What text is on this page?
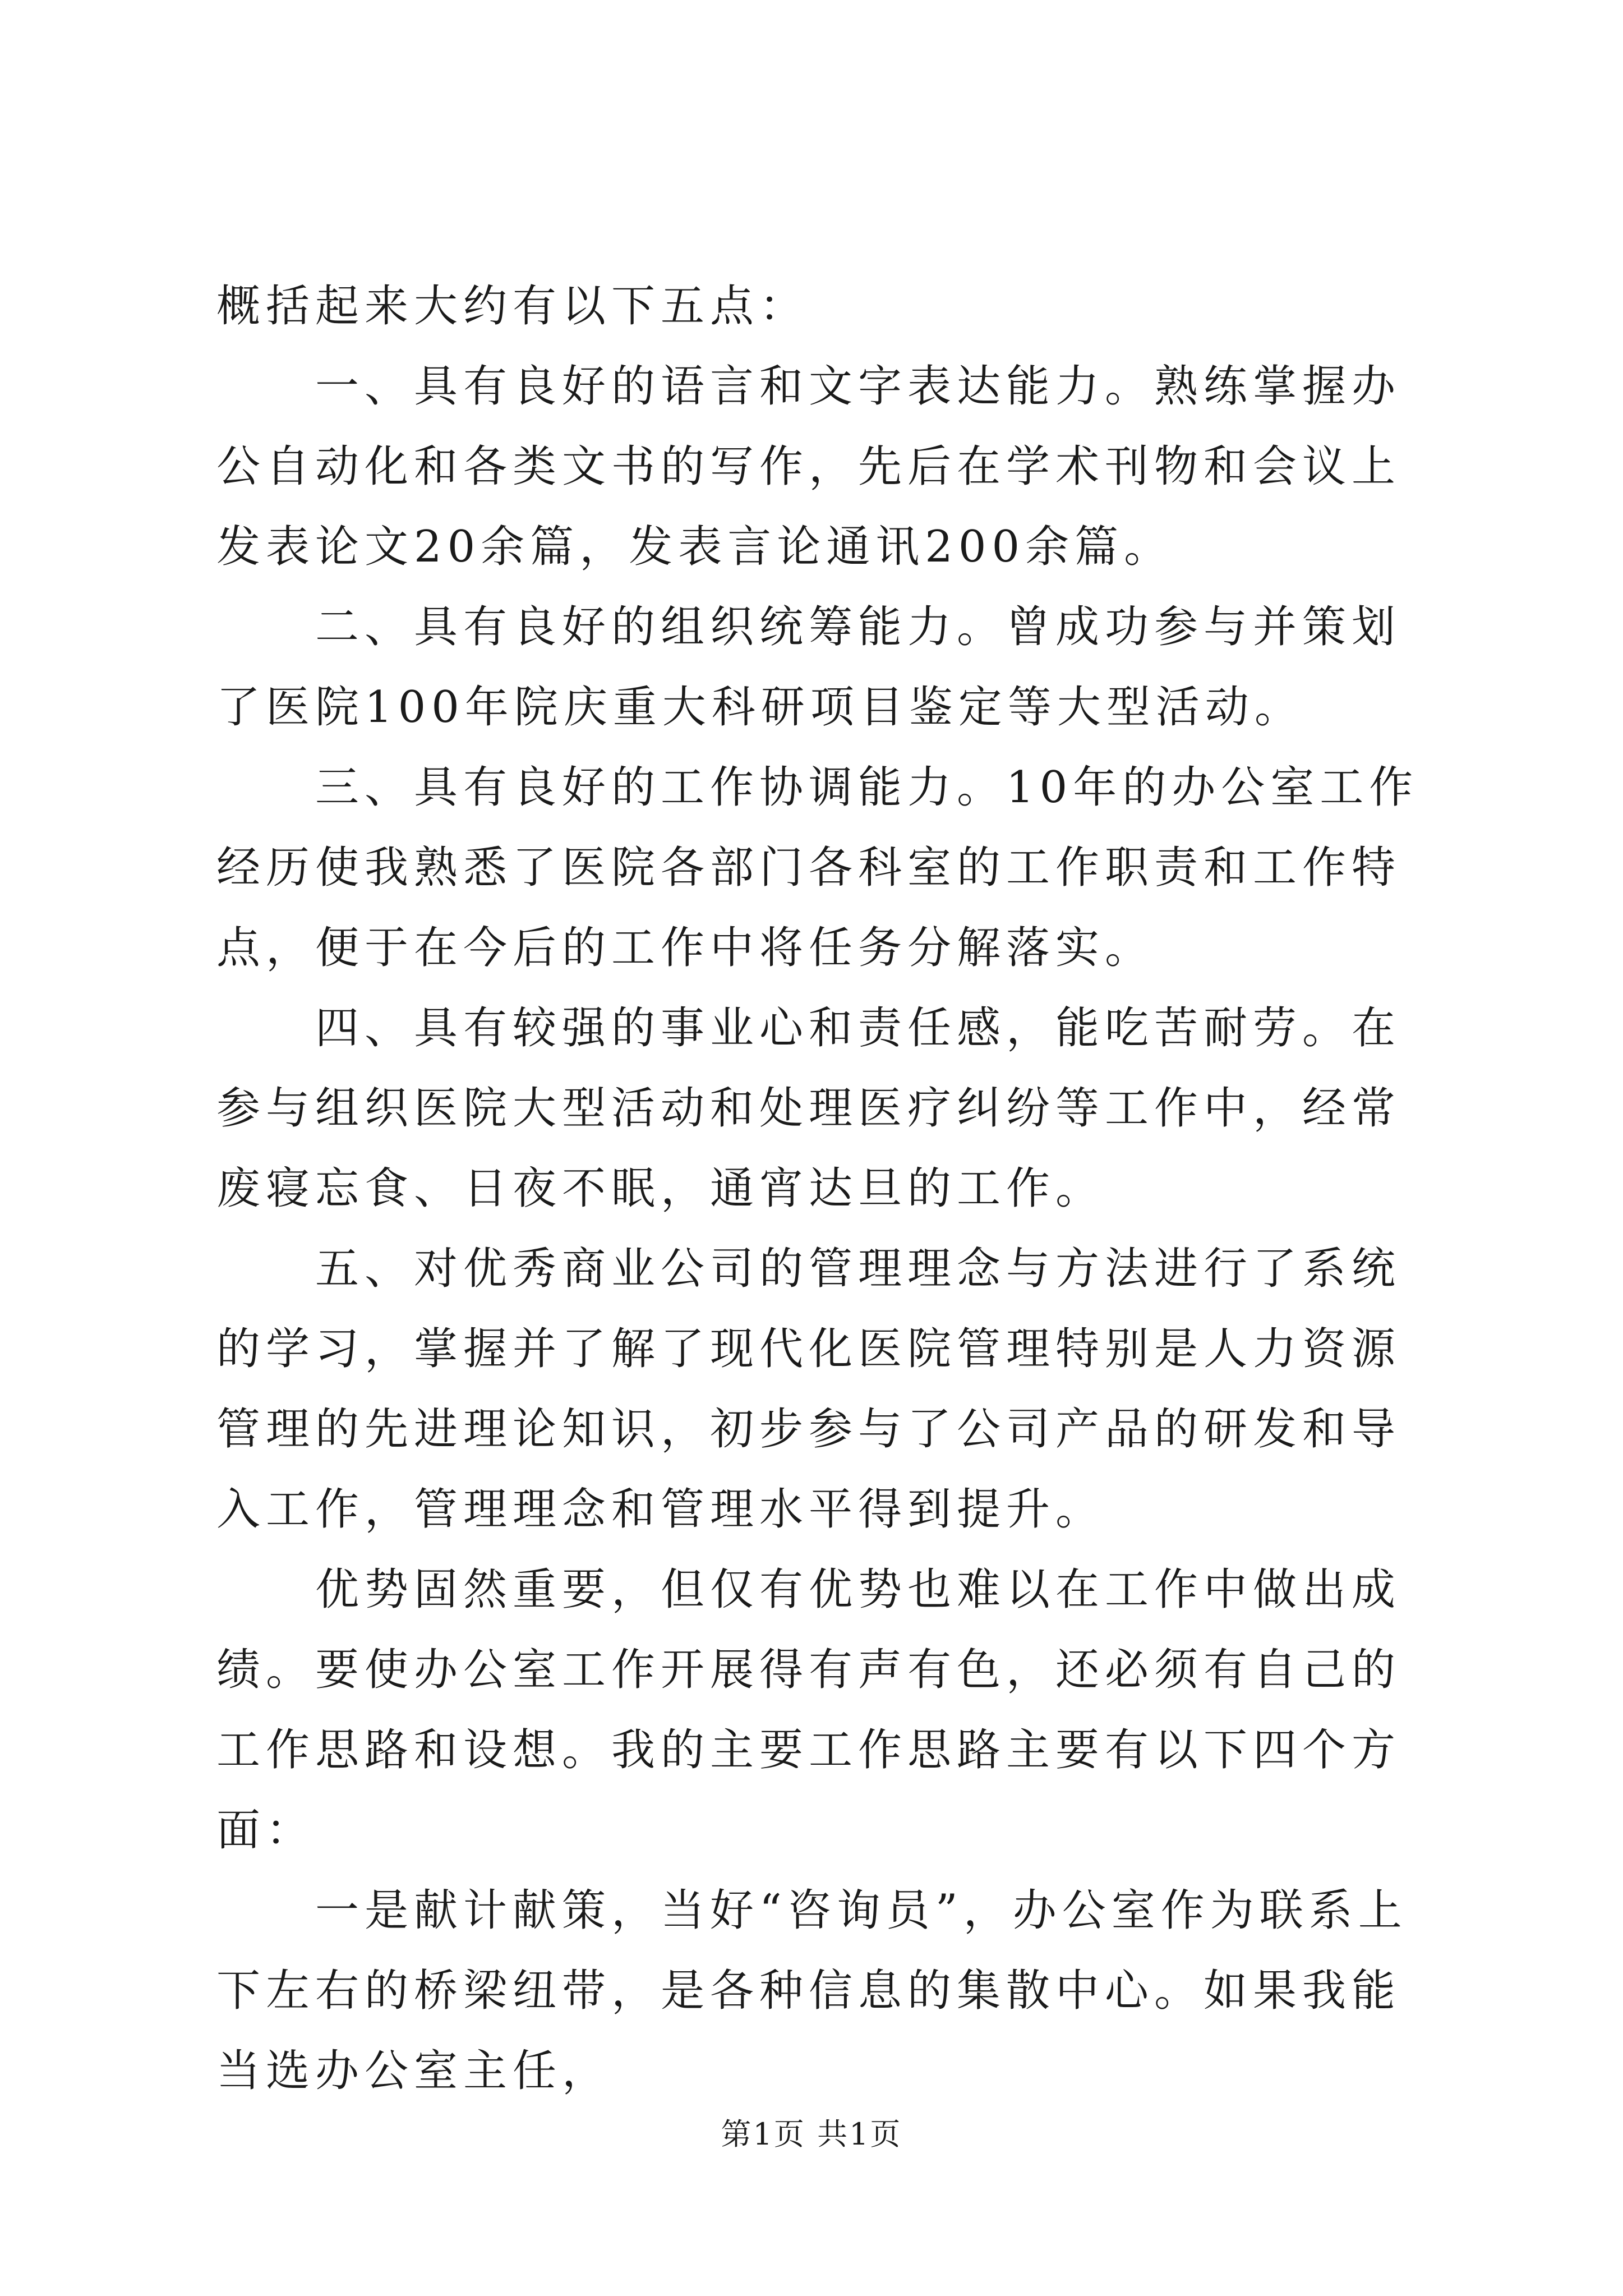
概括起来大约有以下五点：

一、具有良好的语言和文字表达能力。熟练掌握办公自动化和各类文书的写作，先后在学术刊物和会议上发表论文20余篇，发表言论通讯200余篇。

二、具有良好的组织统筹能力。曾成功参与并策划了医院100年院庆重大科研项目鉴定等大型活动。

三、具有良好的工作协调能力。10年的办公室工作经历使我熟悉了医院各部门各科室的工作职责和工作特点，便于在今后的工作中将任务分解落实。

四、具有较强的事业心和责任感，能吃苦耐劳。在参与组织医院大型活动和处理医疗纠纷等工作中，经常废寝忘食、日夜不眠，通宵达旦的工作。

五、对优秀商业公司的管理理念与方法进行了系统的学习，掌握并了解了现代化医院管理特别是人力资源管理的先进理论知识，初步参与了公司产品的研发和导入工作，管理理念和管理水平得到提升。

优势固然重要，但仅有优势也难以在工作中做出成绩。要使办公室工作开展得有声有色，还必须有自己的工作思路和设想。我的主要工作思路主要有以下四个方面：

一是献计献策，当好“咨询员”，办公室作为联系上下左右的桥梁纽带，是各种信息的集散中心。如果我能当选办公室主任，

第1页 共1页
